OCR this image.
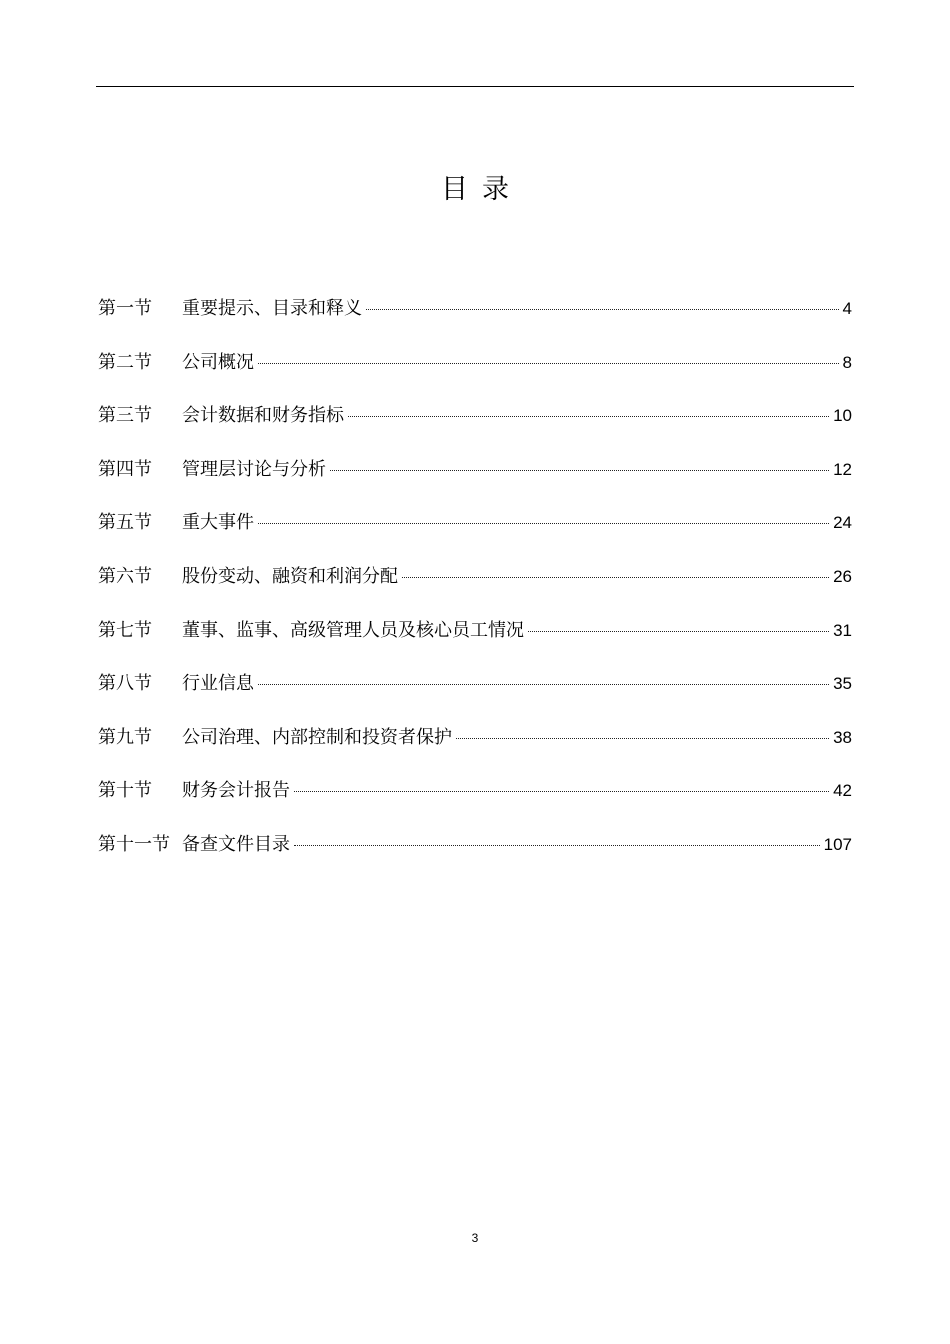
目录
第一节	重要提示、目录和释义	4
第二节	公司概况	8
第三节	会计数据和财务指标	10
第四节	管理层讨论与分析	12
第五节	重大事件	24
第六节	股份变动、融资和利润分配	26
第七节	董事、监事、高级管理人员及核心员工情况	31
第八节	行业信息	35
第九节	公司治理、内部控制和投资者保护	38
第十节	财务会计报告	42
第十一节 备查文件目录	107
3
